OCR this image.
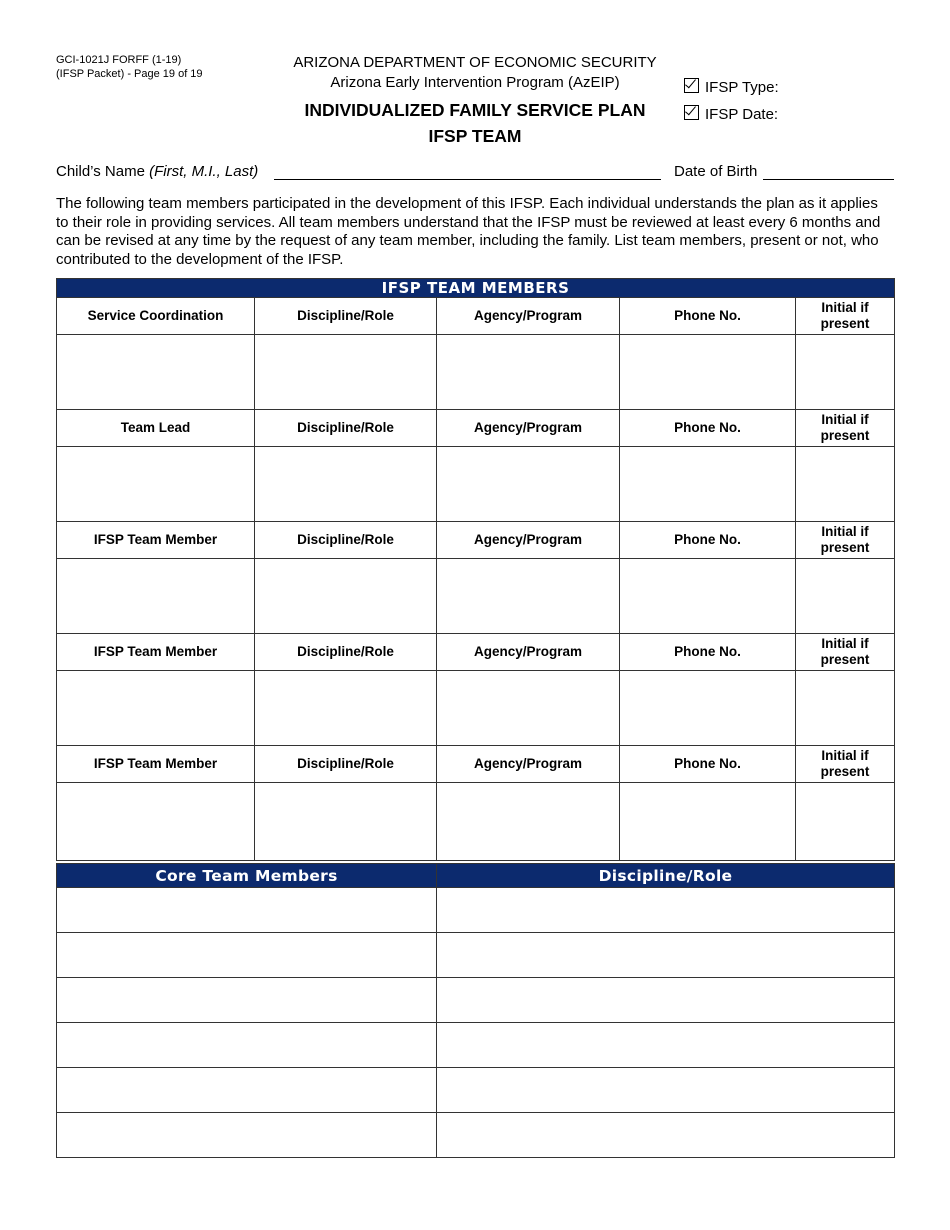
GCI-1021J FORFF (1-19)
(IFSP Packet) - Page 19 of 19
ARIZONA DEPARTMENT OF ECONOMIC SECURITY
Arizona Early Intervention Program (AzEIP)
INDIVIDUALIZED FAMILY SERVICE PLAN
IFSP TEAM
IFSP Type:
IFSP Date:
Child’s Name (First, M.I., Last)	Date of Birth
The following team members participated in the development of this IFSP. Each individual understands the plan as it applies to their role in providing services. All team members understand that the IFSP must be reviewed at least every 6 months and can be revised at any time by the request of any team member, including the family. List team members, present or not, who contributed to the development of the IFSP.
IFSP TEAM MEMBERS				
Service Coordination	Discipline/Role	Agency/Program	Phone No.	Initial if present

Team Lead	Discipline/Role	Agency/Program	Phone No.	Initial if present

IFSP Team Member	Discipline/Role	Agency/Program	Phone No.	Initial if present

IFSP Team Member	Discipline/Role	Agency/Program	Phone No.	Initial if present

IFSP Team Member	Discipline/Role	Agency/Program	Phone No.	Initial if present

Core Team Members	Discipline/Role
